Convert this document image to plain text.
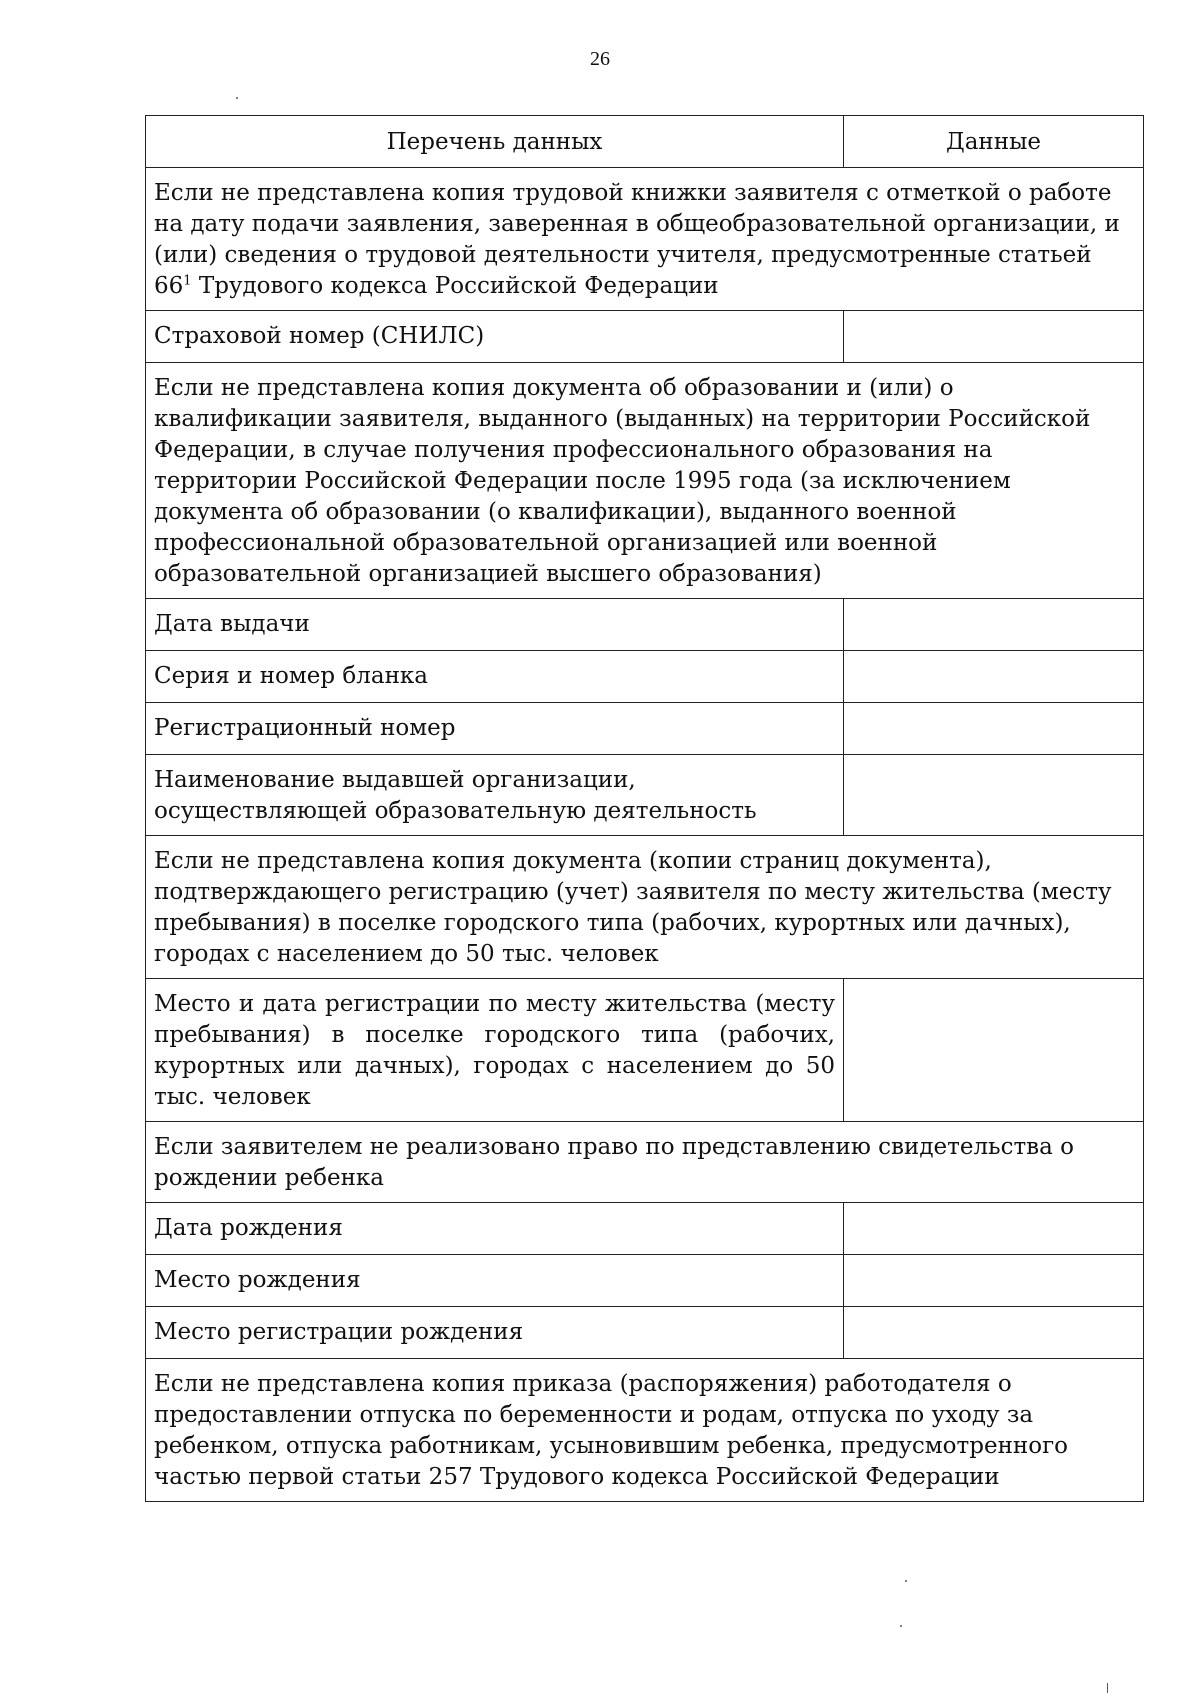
26
Перечень данных	Данные
Если не представлена копия трудовой книжки заявителя с отметкой о работе на дату подачи заявления, заверенная в общеобразовательной организации, и (или) сведения о трудовой деятельности учителя, предусмотренные статьей $66^1$ Трудового кодекса Российской Федерации	
Страховой номер (СНИЛС)	
Если не представлена копия документа об образовании и (или) о квалификации заявителя, выданного (выданных) на территории Российской Федерации, в случае получения профессионального образования на территории Российской Федерации после 1995 года (за исключением документа об образовании (о квалификации), выданного военной профессиональной образовательной организацией или военной образовательной организацией высшего образования)	
Дата выдачи	
Серия и номер бланка	
Регистрационный номер	
Наименование выдавшей организации, осуществляющей образовательную деятельность	
Если не представлена копия документа (копии страниц документа), подтверждающего регистрацию (учет) заявителя по месту жительства (месту пребывания) в поселке городского типа (рабочих, курортных или дачных), городах с населением до 50 тыс. человек	
Место и дата регистрации по месту жительства (месту пребывания) в поселке городского типа (рабочих, курортных или дачных), городах с населением до 50 тыс. человек	
Если заявителем не реализовано право по представлению свидетельства о рождении ребенка	
Дата рождения	
Место рождения	
Место регистрации рождения	
Если не представлена копия приказа (распоряжения) работодателя о предоставлении отпуска по беременности и родам, отпуска по уходу за ребенком, отпуска работникам, усыновившим ребенка, предусмотренного частью первой статьи 257 Трудового кодекса Российской Федерации	
